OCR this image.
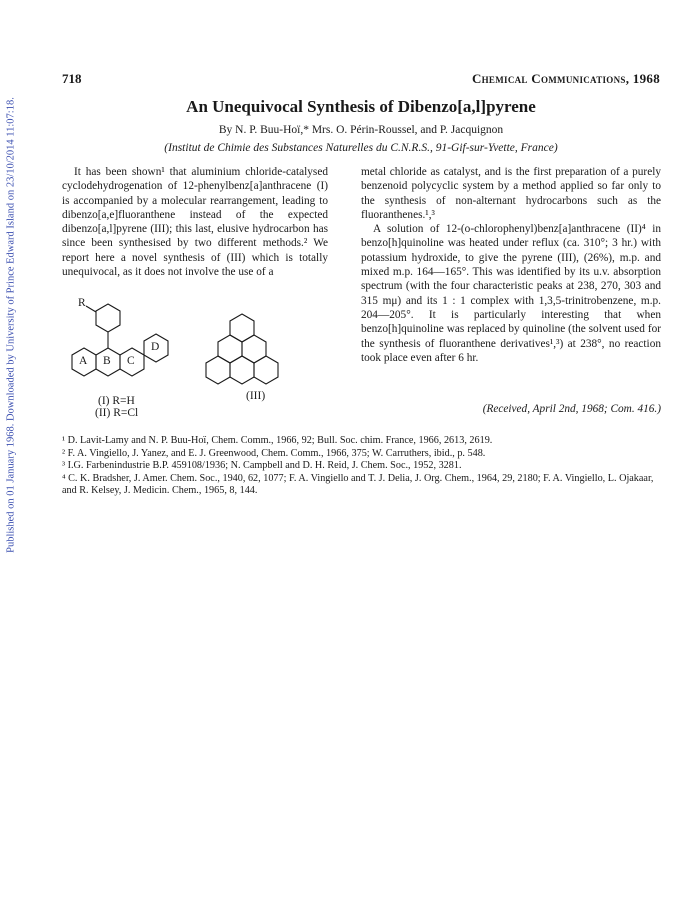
Published on 01 January 1968. Downloaded by University of Prince Edward Island on 23/10/2014 11:07:18.
718	Chemical Communications, 1968
An Unequivocal Synthesis of Dibenzo[a,l]pyrene
By N. P. Buu-Hoï,* Mrs. O. Périn-Roussel, and P. Jacquignon
(Institut de Chimie des Substances Naturelles du C.N.R.S., 91-Gif-sur-Yvette, France)

It has been shown¹ that aluminium chloride-catalysed cyclodehydrogenation of 12-phenylbenz[a]anthracene (I) is accompanied by a molecular rearrangement, leading to dibenzo[a,e]fluoranthene instead of the expected dibenzo[a,l]pyrene (III); this last, elusive hydrocarbon has since been synthesised by two different methods.² We report here a novel synthesis of (III) which is totally unequivocal, as it does not involve the use of a

metal chloride as catalyst, and is the first preparation of a purely benzenoid polycyclic system by a method applied so far only to the synthesis of non-alternant hydrocarbons such as the fluoranthenes.¹,³

A solution of 12-(o-chlorophenyl)benz[a]anthracene (II)⁴ in benzo[h]quinoline was heated under reflux (ca. 310°; 3 hr.) with potassium hydroxide, to give the pyrene (III), (26%), m.p. and mixed m.p. 164—165°. This was identified by its u.v. absorption spectrum (with the four characteristic peaks at 238, 270, 303 and 315 mμ) and its 1 : 1 complex with 1,3,5-trinitrobenzene, m.p. 204—205°. It is particularly interesting that when benzo[h]quinoline was replaced by quinoline (the solvent used for the synthesis of fluoranthene derivatives¹,³) at 238°, no reaction took place even after 6 hr.

(Received, April 2nd, 1968; Com. 416.)
A B C
D
R
(I) R=H
(II) R=Cl
(III)

¹ D. Lavit-Lamy and N. P. Buu-Hoï, Chem. Comm., 1966, 92; Bull. Soc. chim. France, 1966, 2613, 2619.

² F. A. Vingiello, J. Yanez, and E. J. Greenwood, Chem. Comm., 1966, 375; W. Carruthers, ibid., p. 548.

³ I.G. Farbenindustrie B.P. 459108/1936; N. Campbell and D. H. Reid, J. Chem. Soc., 1952, 3281.

⁴ C. K. Bradsher, J. Amer. Chem. Soc., 1940, 62, 1077; F. A. Vingiello and T. J. Delia, J. Org. Chem., 1964, 29, 2180; F. A. Vingiello, L. Ojakaar, and R. Kelsey, J. Medicin. Chem., 1965, 8, 144.
